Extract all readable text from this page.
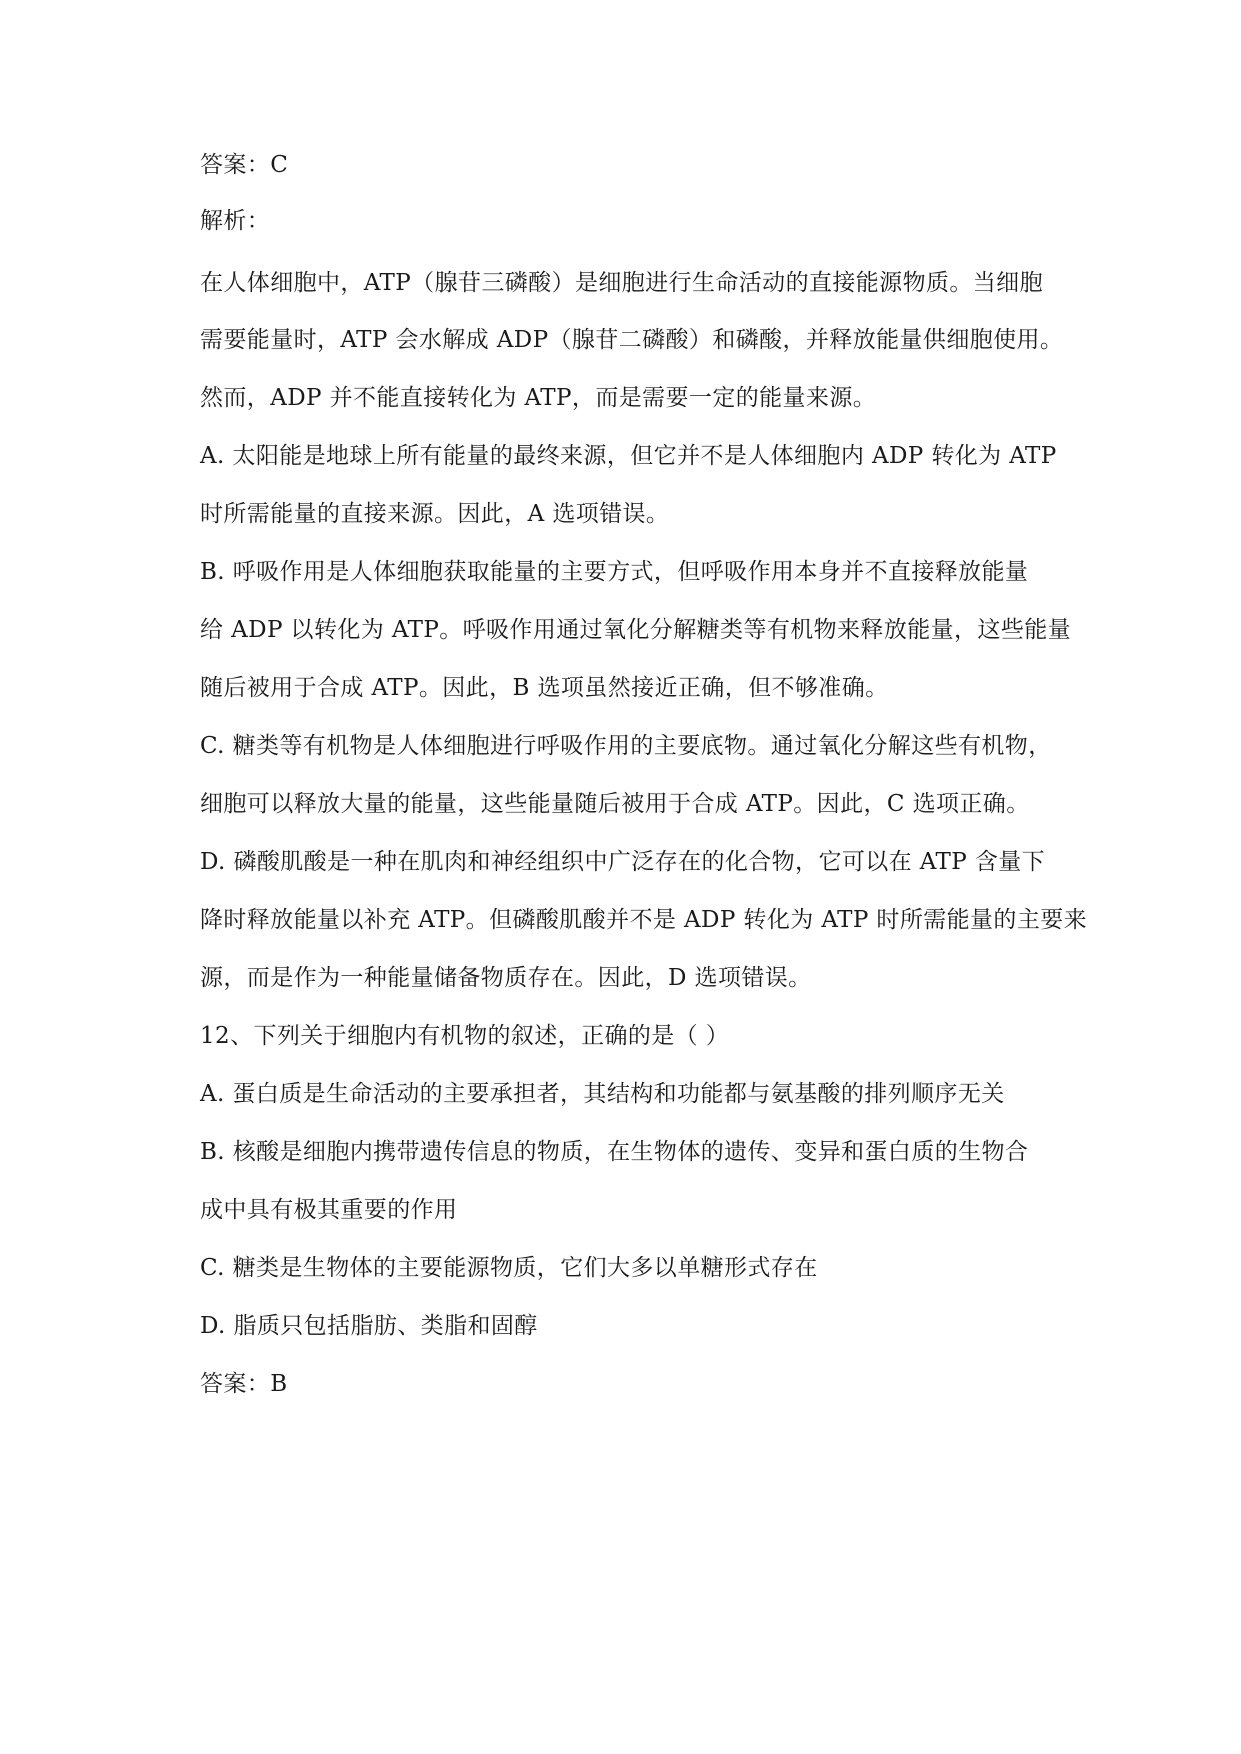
答案：C
解析：
在人体细胞中，ATP（腺苷三磷酸）是细胞进行生命活动的直接能源物质。当细胞
需要能量时，ATP 会水解成 ADP（腺苷二磷酸）和磷酸，并释放能量供细胞使用。
然而，ADP 并不能直接转化为 ATP，而是需要一定的能量来源。
A. 太阳能是地球上所有能量的最终来源，但它并不是人体细胞内 ADP 转化为 ATP
时所需能量的直接来源。因此，A 选项错误。
B. 呼吸作用是人体细胞获取能量的主要方式，但呼吸作用本身并不直接释放能量
给 ADP 以转化为 ATP。呼吸作用通过氧化分解糖类等有机物来释放能量，这些能量
随后被用于合成 ATP。因此，B 选项虽然接近正确，但不够准确。
C. 糖类等有机物是人体细胞进行呼吸作用的主要底物。通过氧化分解这些有机物，
细胞可以释放大量的能量，这些能量随后被用于合成 ATP。因此，C 选项正确。
D. 磷酸肌酸是一种在肌肉和神经组织中广泛存在的化合物，它可以在 ATP 含量下
降时释放能量以补充 ATP。但磷酸肌酸并不是 ADP 转化为 ATP 时所需能量的主要来
源，而是作为一种能量储备物质存在。因此，D 选项错误。
12、下列关于细胞内有机物的叙述，正确的是（ ）
A. 蛋白质是生命活动的主要承担者，其结构和功能都与氨基酸的排列顺序无关
B. 核酸是细胞内携带遗传信息的物质，在生物体的遗传、变异和蛋白质的生物合
成中具有极其重要的作用
C. 糖类是生物体的主要能源物质，它们大多以单糖形式存在
D. 脂质只包括脂肪、类脂和固醇
答案：B
